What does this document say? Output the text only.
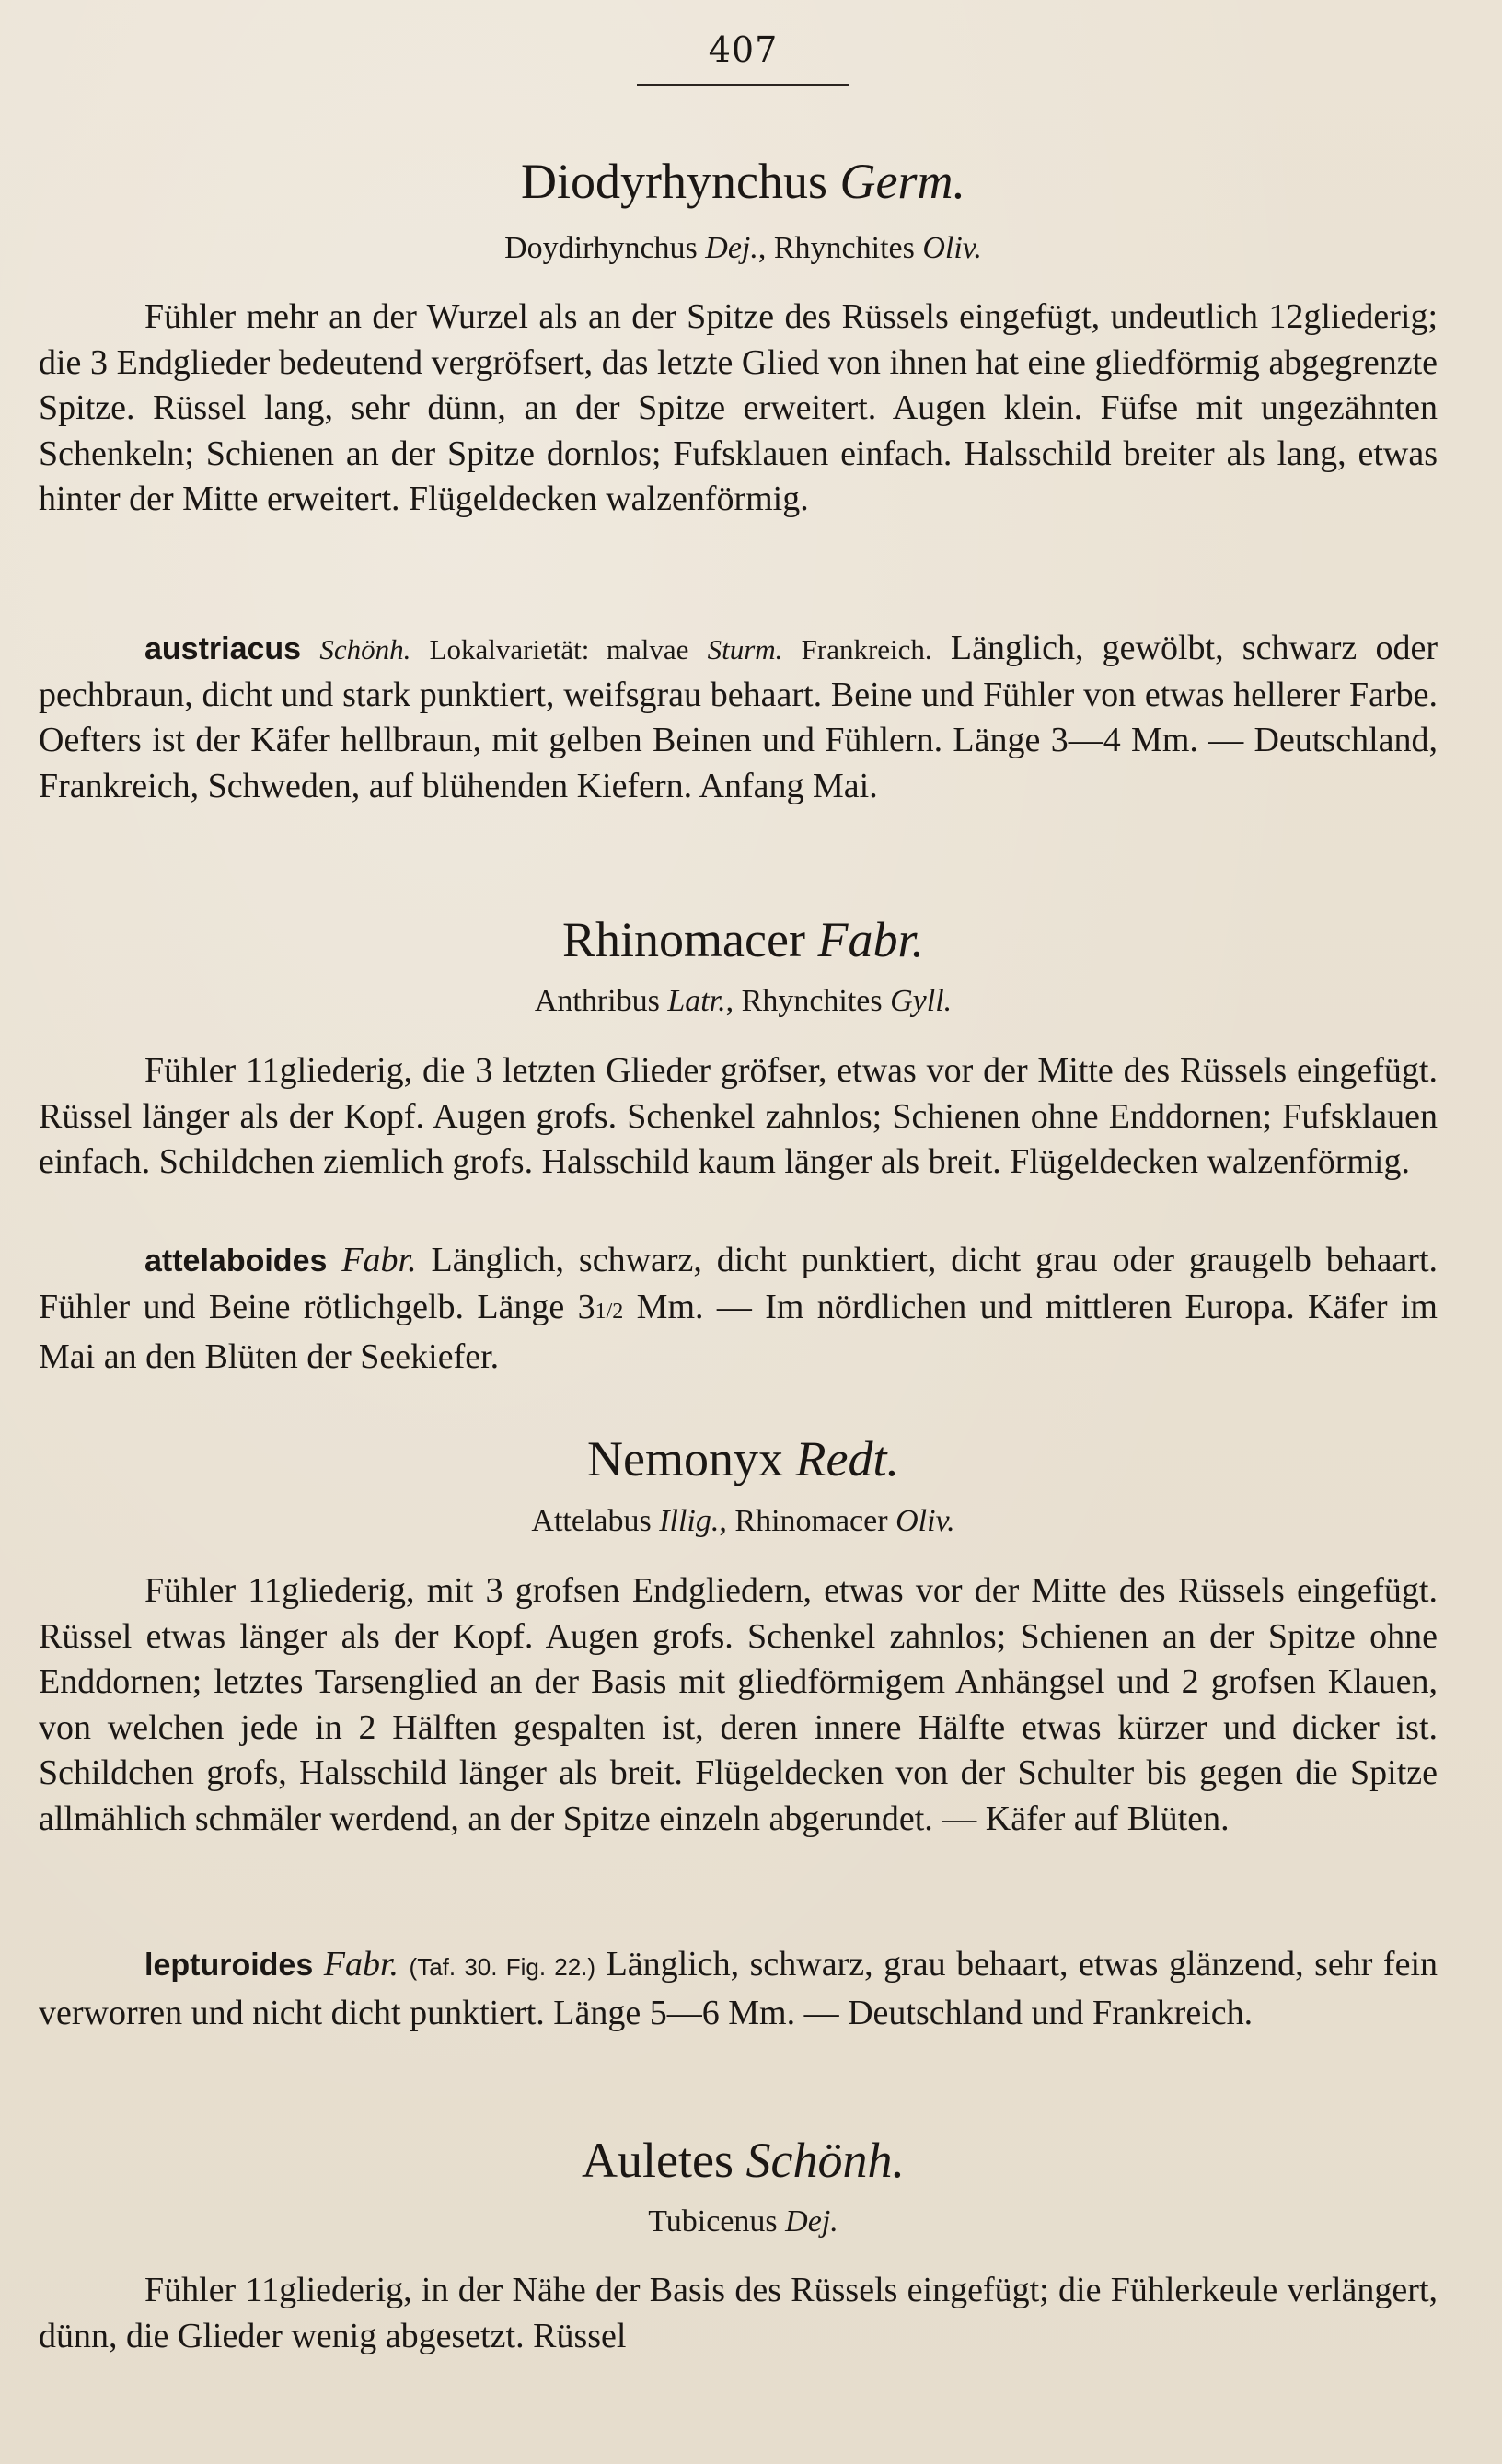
407
Diodyrhynchus Germ.
Doydirhynchus Dej., Rhynchites Oliv.

Fühler mehr an der Wurzel als an der Spitze des Rüssels eingefügt, undeutlich 12gliederig; die 3 Endglieder bedeutend vergröfsert, das letzte Glied von ihnen hat eine gliedförmig abgegrenzte Spitze. Rüssel lang, sehr dünn, an der Spitze erweitert. Augen klein. Füfse mit ungezähnten Schenkeln; Schienen an der Spitze dornlos; Fufsklauen einfach. Halsschild breiter als lang, etwas hinter der Mitte erweitert. Flügeldecken walzenförmig.

austriacus Schönh. Lokalvarietät: malvae Sturm. Frankreich. Länglich, gewölbt, schwarz oder pechbraun, dicht und stark punktiert, weifsgrau behaart. Beine und Fühler von etwas hellerer Farbe. Oefters ist der Käfer hellbraun, mit gelben Beinen und Fühlern. Länge 3—4 Mm. — Deutschland, Frankreich, Schweden, auf blühenden Kiefern. Anfang Mai.

Rhinomacer Fabr.
Anthribus Latr., Rhynchites Gyll.

Fühler 11gliederig, die 3 letzten Glieder gröfser, etwas vor der Mitte des Rüssels eingefügt. Rüssel länger als der Kopf. Augen grofs. Schenkel zahnlos; Schienen ohne Enddornen; Fufsklauen einfach. Schildchen ziemlich grofs. Halsschild kaum länger als breit. Flügeldecken walzenförmig.

attelaboides Fabr. Länglich, schwarz, dicht punktiert, dicht grau oder graugelb behaart. Fühler und Beine rötlichgelb. Länge 31/2 Mm. — Im nördlichen und mittleren Europa. Käfer im Mai an den Blüten der Seekiefer.

Nemonyx Redt.
Attelabus Illig., Rhinomacer Oliv.

Fühler 11gliederig, mit 3 grofsen Endgliedern, etwas vor der Mitte des Rüssels eingefügt. Rüssel etwas länger als der Kopf. Augen grofs. Schenkel zahnlos; Schienen an der Spitze ohne Enddornen; letztes Tarsenglied an der Basis mit gliedförmigem Anhängsel und 2 grofsen Klauen, von welchen jede in 2 Hälften gespalten ist, deren innere Hälfte etwas kürzer und dicker ist. Schildchen grofs, Halsschild länger als breit. Flügeldecken von der Schulter bis gegen die Spitze allmählich schmäler werdend, an der Spitze einzeln abgerundet. — Käfer auf Blüten.

lepturoides Fabr. (Taf. 30. Fig. 22.) Länglich, schwarz, grau behaart, etwas glänzend, sehr fein verworren und nicht dicht punktiert. Länge 5—6 Mm. — Deutschland und Frankreich.

Auletes Schönh.
Tubicenus Dej.

Fühler 11gliederig, in der Nähe der Basis des Rüssels eingefügt; die Fühlerkeule verlängert, dünn, die Glieder wenig abgesetzt. Rüssel
